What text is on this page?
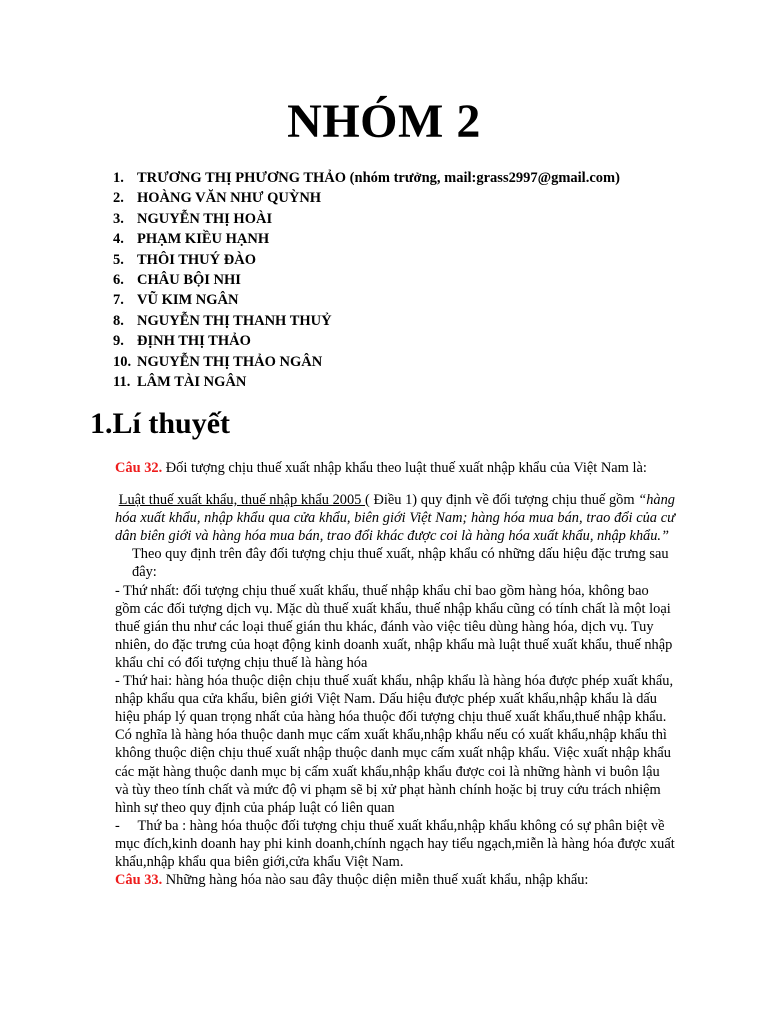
NHÓM 2
1. TRƯƠNG THỊ PHƯƠNG THẢO (nhóm trưởng, mail:grass2997@gmail.com)
2. HOÀNG VĂN NHƯ QUỲNH
3. NGUYỄN THỊ HOÀI
4. PHẠM KIỀU HẠNH
5. THÔI THUÝ ĐÀO
6. CHÂU BỘI NHI
7. VŨ KIM NGÂN
8. NGUYỄN THỊ THANH THUỶ
9. ĐỊNH THỊ THẢO
10. NGUYỄN THỊ THẢO NGÂN
11. LÂM TÀI NGÂN
1.Lí thuyết

Câu 32. Đối tượng chịu thuế xuất nhập khẩu theo luật thuế xuất nhập khẩu của Việt Nam là:

Luật thuế xuất khẩu, thuế nhập khẩu 2005 ( Điều 1) quy định về đối tượng chịu thuế gồm “hàng hóa xuất khẩu, nhập khẩu qua cửa khẩu, biên giới Việt Nam; hàng hóa mua bán, trao đổi của cư dân biên giới và hàng hóa mua bán, trao đổi khác được coi là hàng hóa xuất khẩu, nhập khẩu.”

Theo quy định trên đây đối tượng chịu thuế xuất, nhập khẩu có những dấu hiệu đặc trưng sau đây:

- Thứ nhất: đối tượng chịu thuế xuất khẩu, thuế nhập khẩu chỉ bao gồm hàng hóa, không bao gồm các đối tượng dịch vụ. Mặc dù thuế xuất khẩu, thuế nhập khẩu cũng có tính chất là một loại thuế gián thu như các loại thuế gián thu khác, đánh vào việc tiêu dùng hàng hóa, dịch vụ. Tuy nhiên, do đặc trưng của hoạt động kinh doanh xuất, nhập khẩu mà luật thuế xuất khẩu, thuế nhập khẩu chỉ có đối tượng chịu thuế là hàng hóa

- Thứ hai: hàng hóa thuộc diện chịu thuế xuất khẩu, nhập khẩu là hàng hóa được phép xuất khẩu, nhập khẩu qua cửa khẩu, biên giới Việt Nam. Dấu hiệu được phép xuất khẩu,nhập khẩu là dấu hiệu pháp lý quan trọng nhất của hàng hóa thuộc đối tượng chịu thuế xuất khẩu,thuế nhập khẩu. Có nghĩa là hàng hóa thuộc danh mục cấm xuất khẩu,nhập khẩu nếu có xuất khẩu,nhập khẩu thì không thuộc diện chịu thuế xuất nhập thuộc danh mục cấm xuất nhập khẩu. Việc xuất nhập khẩu các mặt hàng thuộc danh mục bị cấm xuất khẩu,nhập khẩu được coi là những hành vi buôn lậu và tùy theo tính chất và mức độ vi phạm sẽ bị xử phạt hành chính hoặc bị truy cứu trách nhiệm hình sự theo quy định của pháp luật có liên quan

-     Thứ ba : hàng hóa thuộc đối tượng chịu thuế xuất khẩu,nhập khẩu không có sự phân biệt về mục đích,kinh doanh hay phi kinh doanh,chính ngạch hay tiểu ngạch,miễn là hàng hóa được xuất khẩu,nhập khẩu qua biên giới,cửa khẩu Việt Nam.

Câu 33. Những hàng hóa nào sau đây thuộc diện miễn thuế xuất khẩu, nhập khẩu:
